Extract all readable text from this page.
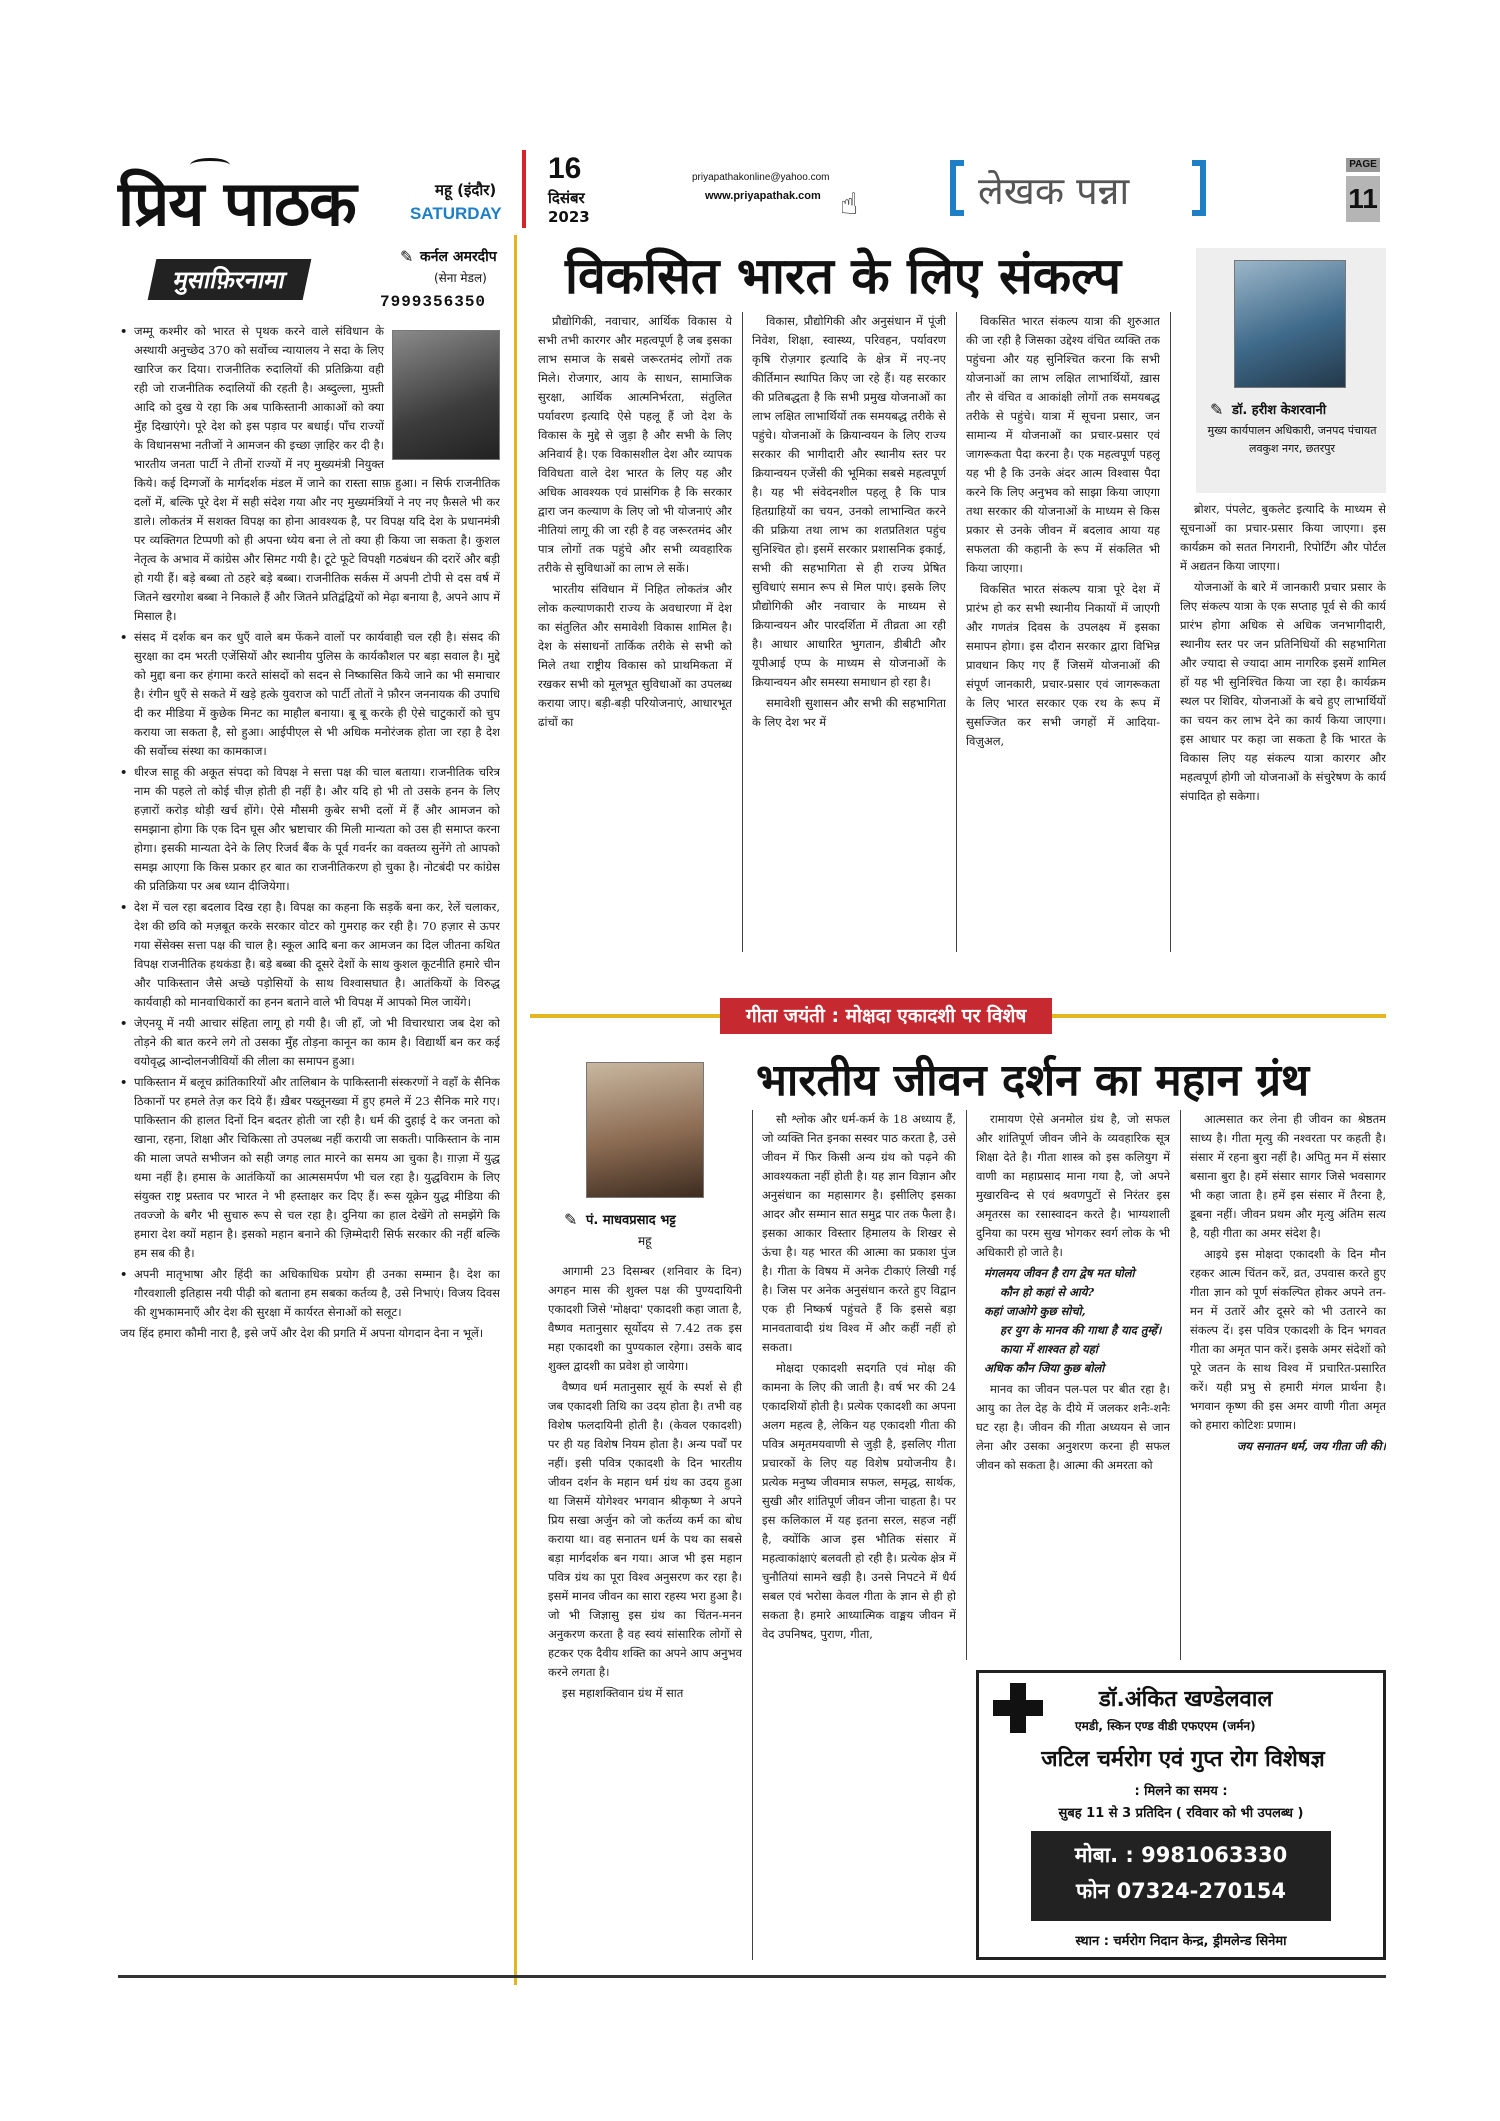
प्रिय पाठक	महू (इंदौर)
SATURDAY
16
दिसंबर
2023
priyapathakonline@yahoo.com
www.priyapathak.com ☝	लेखक पन्ना
PAGE
11
मुसाफ़िरनामा
✎ कर्नल अमरदीप
(सेना मेडल)
7999356350

• जम्मू कश्मीर को भारत से पृथक करने वाले संविधान के अस्थायी अनुच्छेद 370 को सर्वोच्च न्यायालय ने सदा के लिए खारिज कर दिया। राजनीतिक रुदालियों की प्रतिक्रिया वही रही जो राजनीतिक रुदालियों की रहती है। अब्दुल्ला, मुफ़्ती आदि को दुख ये रहा कि अब पाकिस्तानी आकाओं को क्या मुँह दिखाएंगे। पूरे देश को इस पड़ाव पर बधाई। पाँच राज्यों के विधानसभा नतीजों ने आमजन की इच्छा ज़ाहिर कर दी है। भारतीय जनता पार्टी ने तीनों राज्यों में नए मुख्यमंत्री नियुक्त किये। कई दिग्गजों के मार्गदर्शक मंडल में जाने का रास्ता साफ़ हुआ। न सिर्फ राजनीतिक दलों में, बल्कि पूरे देश में सही संदेश गया और नए मुख्यमंत्रियों ने नए नए फ़ैसले भी कर डाले। लोकतंत्र में सशक्त विपक्ष का होना आवश्यक है, पर विपक्ष यदि देश के प्रधानमंत्री पर व्यक्तिगत टिप्पणी को ही अपना ध्येय बना ले तो क्या ही किया जा सकता है। कुशल नेतृत्व के अभाव में कांग्रेस और सिमट गयी है। टूटे फूटे विपक्षी गठबंधन की दरारें और बड़ी हो गयी हैं। बड़े बब्बा तो ठहरे बड़े बब्बा। राजनीतिक सर्कस में अपनी टोपी से दस वर्ष में जितने खरगोश बब्बा ने निकाले हैं और जितने प्रतिद्वंद्वियों को मेढ़ा बनाया है, अपने आप में मिसाल है।

• संसद में दर्शक बन कर धुएँ वाले बम फेंकने वालों पर कार्यवाही चल रही है। संसद की सुरक्षा का दम भरती एजेंसियों और स्थानीय पुलिस के कार्यकौशल पर बड़ा सवाल है। मुद्दे को मुद्दा बना कर हंगामा करते सांसदों को सदन से निष्कासित किये जाने का भी समाचार है। रंगीन धुएँ से सकते में खड़े हत्के युवराज को पार्टी तोतों ने फ़ौरन जननायक की उपाधि दी कर मीडिया में कुछेक मिनट का माहौल बनाया। बू बू करके ही ऐसे चाटुकारों को चुप कराया जा सकता है, सो हुआ। आईपीएल से भी अधिक मनोरंजक होता जा रहा है देश की सर्वोच्च संस्था का कामकाज।

• धीरज साहू की अकूत संपदा को विपक्ष ने सत्ता पक्ष की चाल बताया। राजनीतिक चरित्र नाम की पहले तो कोई चीज़ होती ही नहीं है। और यदि हो भी तो उसके हनन के लिए हज़ारों करोड़ थोड़ी खर्च होंगे। ऐसे मौसमी कुबेर सभी दलों में हैं और आमजन को समझाना होगा कि एक दिन घूस और भ्रष्टाचार की मिली मान्यता को उस ही समाप्त करना होगा। इसकी मान्यता देने के लिए रिजर्व बैंक के पूर्व गवर्नर का वक्तव्य सुनेंगे तो आपको समझ आएगा कि किस प्रकार हर बात का राजनीतिकरण हो चुका है। नोटबंदी पर कांग्रेस की प्रतिक्रिया पर अब ध्यान दीजियेगा।

• देश में चल रहा बदलाव दिख रहा है। विपक्ष का कहना कि सड़कें बना कर, रेलें चलाकर, देश की छवि को मज़बूत करके सरकार वोटर को गुमराह कर रही है। 70 हज़ार से ऊपर गया सेंसेक्स सत्ता पक्ष की चाल है। स्कूल आदि बना कर आमजन का दिल जीतना कथित विपक्ष राजनीतिक हथकंडा है। बड़े बब्बा की दूसरे देशों के साथ कुशल कूटनीति हमारे चीन और पाकिस्तान जैसे अच्छे पड़ोसियों के साथ विश्वासघात है। आतंकियों के विरुद्ध कार्यवाही को मानवाधिकारों का हनन बताने वाले भी विपक्ष में आपको मिल जायेंगे।

• जेएनयू में नयी आचार संहिता लागू हो गयी है। जी हाँ, जो भी विचारधारा जब देश को तोड़ने की बात करने लगे तो उसका मुँह तोड़ना कानून का काम है। विद्यार्थी बन कर कई वयोवृद्ध आन्दोलनजीवियों की लीला का समापन हुआ।

• पाकिस्तान में बलूच क्रांतिकारियों और तालिबान के पाकिस्तानी संस्करणों ने वहाँ के सैनिक ठिकानों पर हमले तेज़ कर दिये हैं। ख़ैबर पख्तूनख्वा में हुए हमले में 23 सैनिक मारे गए। पाकिस्तान की हालत दिनों दिन बदतर होती जा रही है। धर्म की दुहाई दे कर जनता को खाना, रहना, शिक्षा और चिकित्सा तो उपलब्ध नहीं करायी जा सकती। पाकिस्तान के नाम की माला जपते सभीजन को सही जगह लात मारने का समय आ चुका है। ग़ाज़ा में युद्ध थमा नहीं है। हमास के आतंकियों का आत्मसमर्पण भी चल रहा है। युद्धविराम के लिए संयुक्त राष्ट्र प्रस्ताव पर भारत ने भी हस्ताक्षर कर दिए हैं। रूस यूक्रेन युद्ध मीडिया की तवज्जो के बगैर भी सुचारु रूप से चल रहा है। दुनिया का हाल देखेंगे तो समझेंगे कि हमारा देश क्यों महान है। इसको महान बनाने की ज़िम्मेदारी सिर्फ सरकार की नहीं बल्कि हम सब की है।

• अपनी मातृभाषा और हिंदी का अधिकाधिक प्रयोग ही उनका सम्मान है। देश का गौरवशाली इतिहास नयी पीढ़ी को बताना हम सबका कर्तव्य है, उसे निभाएं। विजय दिवस की शुभकामनाएँ और देश की सुरक्षा में कार्यरत सेनाओं को सलूट।

जय हिंद हमारा कौमी नारा है, इसे जपें और देश की प्रगति में अपना योगदान देना न भूलें।
विकसित भारत के लिए संकल्प
✎ डॉ. हरीश केशरवानी
मुख्य कार्यपालन अधिकारी, जनपद पंचायत लवकुश नगर, छतरपुर

प्रौद्योगिकी, नवाचार, आर्थिक विकास ये सभी तभी कारगर और महत्वपूर्ण है जब इसका लाभ समाज के सबसे जरूरतमंद लोगों तक मिले। रोजगार, आय के साधन, सामाजिक सुरक्षा, आर्थिक आत्मनिर्भरता, संतुलित पर्यावरण इत्यादि ऐसे पहलू हैं जो देश के विकास के मुद्दे से जुड़ा है और सभी के लिए अनिवार्य है। एक विकासशील देश और व्यापक विविधता वाले देश भारत के लिए यह और अधिक आवश्यक एवं प्रासंगिक है कि सरकार द्वारा जन कल्याण के लिए जो भी योजनाएं और नीतियां लागू की जा रही है वह जरूरतमंद और पात्र लोगों तक पहुंचे और सभी व्यवहारिक तरीके से सुविधाओं का लाभ ले सकें।

भारतीय संविधान में निहित लोकतंत्र और लोक कल्याणकारी राज्य के अवधारणा में देश का संतुलित और समावेशी विकास शामिल है। देश के संसाधनों तार्किक तरीके से सभी को मिले तथा राष्ट्रीय विकास को प्राथमिकता में रखकर सभी को मूलभूत सुविधाओं का उपलब्ध कराया जाए। बड़ी-बड़ी परियोजनाएं, आधारभूत ढांचों का

विकास, प्रौद्योगिकी और अनुसंधान में पूंजी निवेश, शिक्षा, स्वास्थ्य, परिवहन, पर्यावरण कृषि रोज़गार इत्यादि के क्षेत्र में नए-नए कीर्तिमान स्थापित किए जा रहे हैं। यह सरकार की प्रतिबद्धता है कि सभी प्रमुख योजनाओं का लाभ लक्षित लाभार्थियों तक समयबद्ध तरीके से पहुंचे। योजनाओं के क्रियान्वयन के लिए राज्य सरकार की भागीदारी और स्थानीय स्तर पर क्रियान्वयन एजेंसी की भूमिका सबसे महत्वपूर्ण है। यह भी संवेदनशील पहलू है कि पात्र हितग्राहियों का चयन, उनको लाभान्वित करने की प्रक्रिया तथा लाभ का शतप्रतिशत पहुंच सुनिश्चित हो। इसमें सरकार प्रशासनिक इकाई, सभी की सहभागिता से ही राज्य प्रेषित सुविधाएं समान रूप से मिल पाएं। इसके लिए प्रौद्योगिकी और नवाचार के माध्यम से क्रियान्वयन और पारदर्शिता में तीव्रता आ रही है। आधार आधारित भुगतान, डीबीटी और यूपीआई एप्प के माध्यम से योजनाओं के क्रियान्वयन और समस्या समाधान हो रहा है।

समावेशी सुशासन और सभी की सहभागिता के लिए देश भर में

विकसित भारत संकल्प यात्रा की शुरुआत की जा रही है जिसका उद्देश्य वंचित व्यक्ति तक पहुंचना और यह सुनिश्चित करना कि सभी योजनाओं का लाभ लक्षित लाभार्थियों, ख़ास तौर से वंचित व आकांक्षी लोगों तक समयबद्ध तरीके से पहुंचे। यात्रा में सूचना प्रसार, जन सामान्य में योजनाओं का प्रचार-प्रसार एवं जागरूकता पैदा करना है। एक महत्वपूर्ण पहलू यह भी है कि उनके अंदर आत्म विश्वास पैदा करने कि लिए अनुभव को साझा किया जाएगा तथा सरकार की योजनाओं के माध्यम से किस प्रकार से उनके जीवन में बदलाव आया यह सफलता की कहानी के रूप में संकलित भी किया जाएगा।

विकसित भारत संकल्प यात्रा पूरे देश में प्रारंभ हो कर सभी स्थानीय निकायों में जाएगी और गणतंत्र दिवस के उपलक्ष्य में इसका समापन होगा। इस दौरान सरकार द्वारा विभिन्न प्रावधान किए गए हैं जिसमें योजनाओं की संपूर्ण जानकारी, प्रचार-प्रसार एवं जागरूकता के लिए भारत सरकार एक रथ के रूप में सुसज्जित कर सभी जगहों में आदिया-विज़ुअल,

ब्रोशर, पंपलेट, बुकलेट इत्यादि के माध्यम से सूचनाओं का प्रचार-प्रसार किया जाएगा। इस कार्यक्रम को सतत निगरानी, रिपोर्टिंग और पोर्टल में अद्यतन किया जाएगा।

योजनाओं के बारे में जानकारी प्रचार प्रसार के लिए संकल्प यात्रा के एक सप्ताह पूर्व से की कार्य प्रारंभ होगा अधिक से अधिक जनभागीदारी, स्थानीय स्तर पर जन प्रतिनिधियों की सहभागिता और ज्यादा से ज्यादा आम नागरिक इसमें शामिल हों यह भी सुनिश्चित किया जा रहा है। कार्यक्रम स्थल पर शिविर, योजनाओं के बचे हुए लाभार्थियों का चयन कर लाभ देने का कार्य किया जाएगा। इस आधार पर कहा जा सकता है कि भारत के विकास लिए यह संकल्प यात्रा कारगर और महत्वपूर्ण होगी जो योजनाओं के संचुरेषण के कार्य संपादित हो सकेगा।

गीता जयंती : मोक्षदा एकादशी पर विशेष
भारतीय जीवन दर्शन का महान ग्रंथ
✎ पं. माधवप्रसाद भट्ट
महू

आगामी 23 दिसम्बर (शनिवार के दिन) अगहन मास की शुक्ल पक्ष की पुण्यदायिनी एकादशी जिसे 'मोक्षदा' एकादशी कहा जाता है, वैष्णव मतानुसार सूर्योदय से 7.42 तक इस महा एकादशी का पुण्यकाल रहेगा। उसके बाद शुक्ल द्वादशी का प्रवेश हो जायेगा।

वैष्णव धर्म मतानुसार सूर्य के स्पर्श से ही जब एकादशी तिथि का उदय होता है। तभी वह विशेष फलदायिनी होती है। (केवल एकादशी) पर ही यह विशेष नियम होता है। अन्य पर्वों पर नहीं। इसी पवित्र एकादशी के दिन भारतीय जीवन दर्शन के महान धर्म ग्रंथ का उदय हुआ था जिसमें योगेश्वर भगवान श्रीकृष्ण ने अपने प्रिय सखा अर्जुन को जो कर्तव्य कर्म का बोध कराया था। वह सनातन धर्म के पथ का सबसे बड़ा मार्गदर्शक बन गया। आज भी इस महान पवित्र ग्रंथ का पूरा विश्व अनुसरण कर रहा है। इसमें मानव जीवन का सारा रहस्य भरा हुआ है। जो भी जिज्ञासु इस ग्रंथ का चिंतन-मनन अनुकरण करता है वह स्वयं सांसारिक लोगों से हटकर एक दैवीय शक्ति का अपने आप अनुभव करने लगता है।

इस महाशक्तिवान ग्रंथ में सात

सौ श्लोक और धर्म-कर्म के 18 अध्याय हैं, जो व्यक्ति नित इनका सस्वर पाठ करता है, उसे जीवन में फिर किसी अन्य ग्रंथ को पढ़ने की आवश्यकता नहीं होती है। यह ज्ञान विज्ञान और अनुसंधान का महासागर है। इसीलिए इसका आदर और सम्मान सात समुद्र पार तक फैला है। इसका आकार विस्तार हिमालय के शिखर से ऊंचा है। यह भारत की आत्मा का प्रकाश पुंज है। गीता के विषय में अनेक टीकाएं लिखी गई है। जिस पर अनेक अनुसंधान करते हुए विद्वान एक ही निष्कर्ष पहुंचते हैं कि इससे बड़ा मानवतावादी ग्रंथ विश्व में और कहीं नहीं हो सकता।

मोक्षदा एकादशी सदगति एवं मोक्ष की कामना के लिए की जाती है। वर्ष भर की 24 एकादशियों होती है। प्रत्येक एकादशी का अपना अलग महत्व है, लेकिन यह एकादशी गीता की पवित्र अमृतमयवाणी से जुड़ी है, इसलिए गीता प्रचारकों के लिए यह विशेष प्रयोजनीय है। प्रत्येक मनुष्य जीवमात्र सफल, समृद्ध, सार्थक, सुखी और शांतिपूर्ण जीवन जीना चाहता है। पर इस कलिकाल में यह इतना सरल, सहज नहीं है, क्योंकि आज इस भौतिक संसार में महत्वाकांक्षाएं बलवती हो रही है। प्रत्येक क्षेत्र में चुनौतियां सामने खड़ी है। उनसे निपटने में धैर्य सबल एवं भरोसा केवल गीता के ज्ञान से ही हो सकता है। हमारे आध्यात्मिक वाङ्मय जीवन में वेद उपनिषद, पुराण, गीता,

रामायण ऐसे अनमोल ग्रंथ है, जो सफल और शांतिपूर्ण जीवन जीने के व्यवहारिक सूत्र शिक्षा देते है। गीता शास्त्र को इस कलियुग में वाणी का महाप्रसाद माना गया है, जो अपने मुखारविन्द से एवं श्रवणपुटों से निरंतर इस अमृतरस का रसास्वादन करते है। भाग्यशाली दुनिया का परम सुख भोगकर स्वर्ग लोक के भी अधिकारी हो जाते है।

मंगलमय जीवन है राग द्वेष मत घोलो
कौन हो कहां से आये?
कहां जाओगे कुछ सोचो,
हर युग के मानव की गाथा है याद तुम्हें।
काया में शाश्वत हो यहां
अधिक कौन जिया कुछ बोलो

मानव का जीवन पल-पल पर बीत रहा है। आयु का तेल देह के दीये में जलकर शनैः-शनैः घट रहा है। जीवन की गीता अध्ययन से जान लेना और उसका अनुशरण करना ही सफल जीवन को सकता है। आत्मा की अमरता को

आत्मसात कर लेना ही जीवन का श्रेष्ठतम साध्य है। गीता मृत्यु की नश्वरता पर कहती है। संसार में रहना बुरा नहीं है। अपितु मन में संसार बसाना बुरा है। हमें संसार सागर जिसे भवसागर भी कहा जाता है। हमें इस संसार में तैरना है, डूबना नहीं। जीवन प्रथम और मृत्यु अंतिम सत्य है, यही गीता का अमर संदेश है।

आइये इस मोक्षदा एकादशी के दिन मौन रहकर आत्म चिंतन करें, व्रत, उपवास करते हुए गीता ज्ञान को पूर्ण संकल्पित होकर अपने तन-मन में उतारें और दूसरे को भी उतारने का संकल्प दें। इस पवित्र एकादशी के दिन भगवत गीता का अमृत पान करें। इसके अमर संदेशों को पूरे जतन के साथ विश्व में प्रचारित-प्रसारित करें। यही प्रभु से हमारी मंगल प्रार्थना है। भगवान कृष्ण की इस अमर वाणी गीता अमृत को हमारा कोटिशः प्रणाम।

जय सनातन धर्म, जय गीता जी की।
डॉ.अंकित खण्डेलवाल
एमडी, स्किन एण्ड वीडी एफएएम (जर्मन)
जटिल चर्मरोग एवं गुप्त रोग विशेषज्ञ
: मिलने का समय :
सुबह 11 से 3 प्रतिदिन ( रविवार को भी उपलब्ध )
मोबा. : 9981063330
फोन 07324-270154
स्थान : चर्मरोग निदान केन्द्र, ड्रीमलेन्ड सिनेमा
